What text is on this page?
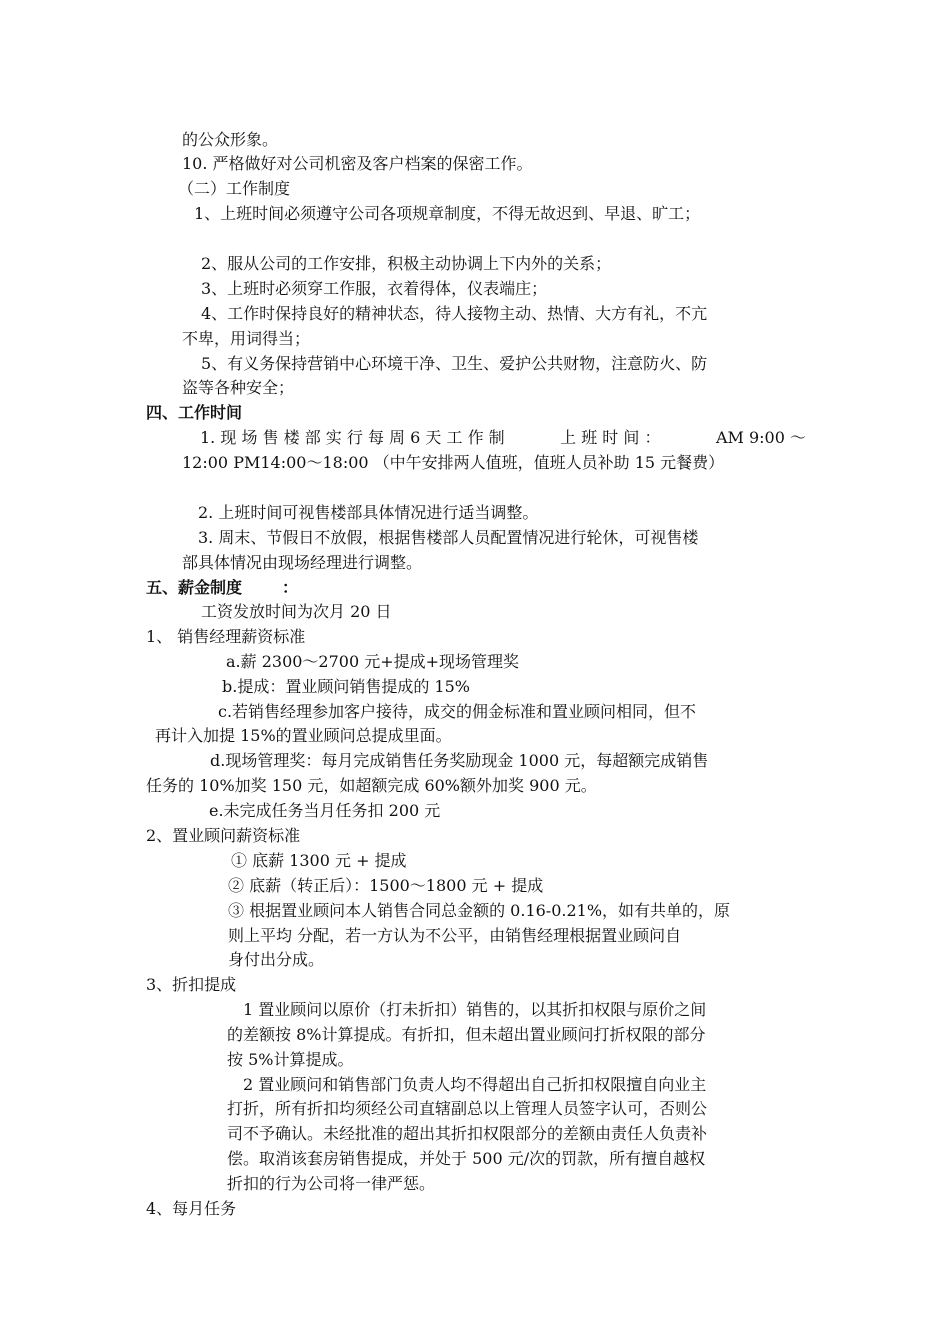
的公众形象。
10. 严格做好对公司机密及客户档案的保密工作。
（二）工作制度
1、上班时间必须遵守公司各项规章制度，不得无故迟到、早退、旷工；
2、服从公司的工作安排，积极主动协调上下内外的关系；
3、上班时必须穿工作服，衣着得体，仪表端庄；
4、工作时保持良好的精神状态，待人接物主动、热情、大方有礼，不亢
不卑，用词得当；
5、有义务保持营销中心环境干净、卫生、爱护公共财物，注意防火、防
盗等各种安全；
四、工作时间
1. 现 场 售 楼 部 实 行 每 周 6 天 工 作 制	上 班 时 间 ：	AM 9:00 ～
12:00 PM14:00～18:00 （中午安排两人值班，值班人员补助 15 元餐费）
2. 上班时间可视售楼部具体情况进行适当调整。
3. 周末、节假日不放假，根据售楼部人员配置情况进行轮休，可视售楼
部具体情况由现场经理进行调整。
五、薪金制度	：
工资发放时间为次月 20 日
1、 销售经理薪资标准
a.薪 2300～2700 元+提成+现场管理奖
b.提成：置业顾问销售提成的 15%
c.若销售经理参加客户接待，成交的佣金标准和置业顾问相同，但不
再计入加提 15%的置业顾问总提成里面。
d.现场管理奖：每月完成销售任务奖励现金 1000 元，每超额完成销售
任务的 10%加奖 150 元，如超额完成 60%额外加奖 900 元。
e.未完成任务当月任务扣 200 元
2、置业顾问薪资标准
① 底薪 1300 元 + 提成
② 底薪（转正后）：1500～1800 元 + 提成
③ 根据置业顾问本人销售合同总金额的 0.16-0.21%，如有共单的，原
则上平均 分配，若一方认为不公平，由销售经理根据置业顾问自
身付出分成。
3、折扣提成
1 置业顾问以原价（打未折扣）销售的，以其折扣权限与原价之间
的差额按 8%计算提成。有折扣，但未超出置业顾问打折权限的部分
按 5%计算提成。
2 置业顾问和销售部门负责人均不得超出自己折扣权限擅自向业主
打折，所有折扣均须经公司直辖副总以上管理人员签字认可，否则公
司不予确认。未经批准的超出其折扣权限部分的差额由责任人负责补
偿。取消该套房销售提成，并处于 500 元/次的罚款，所有擅自越权
折扣的行为公司将一律严惩。
4、每月任务
